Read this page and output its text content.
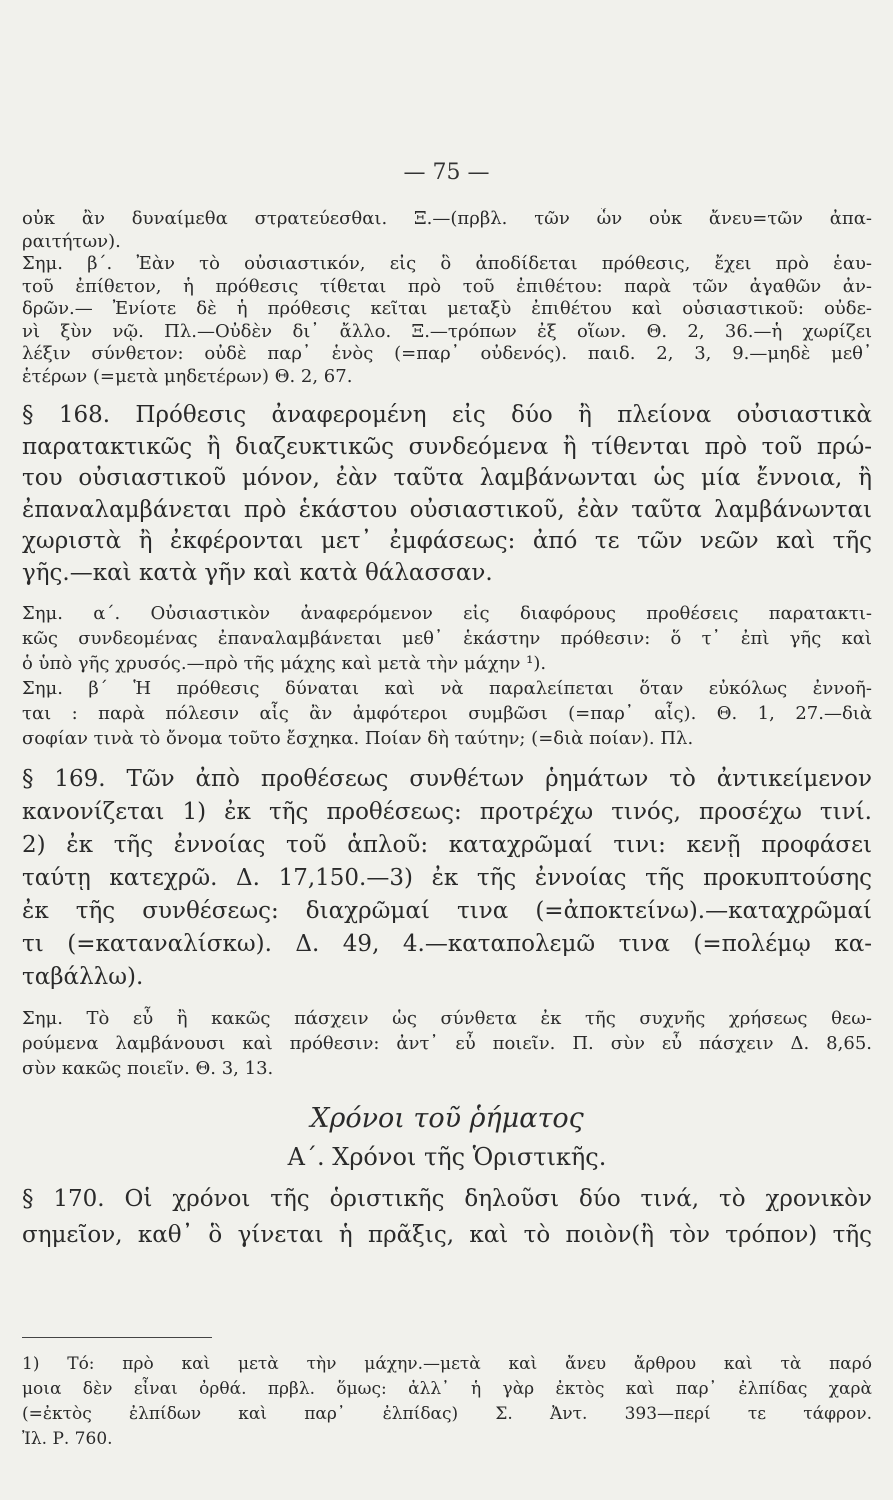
— 75 —

οὐκ ἂν δυναίμεθα στρατεύεσθαι. Ξ.—(πρβλ. τῶν ὧν οὐκ ἄνευ=τῶν ἀπα-

ραιτήτων).

Σημ. β΄. Ἐὰν τὸ οὐσιαστικόν, εἰς ὃ ἀποδίδεται πρόθεσις, ἔχει πρὸ ἑαυ-

τοῦ ἐπίθετον, ἡ πρόθεσις τίθεται πρὸ τοῦ ἐπιθέτου: παρὰ τῶν ἀγαθῶν ἀν-

δρῶν.— Ἐνίοτε δὲ ἡ πρόθεσις κεῖται μεταξὺ ἐπιθέτου καὶ οὐσιαστικοῦ: οὐδε-

νὶ ξὺν νῷ. Πλ.—Οὐδὲν δι᾽ ἄλλο. Ξ.—τρόπων ἐξ οἵων. Θ. 2, 36.—ἡ χωρίζει

λέξιν σύνθετον: οὐδὲ παρ᾽ ἑνὸς (=παρ᾽ οὐδενός). παιδ. 2, 3, 9.—μηδὲ μεθ᾽

ἑτέρων (=μετὰ μηδετέρων) Θ. 2, 67.

§ 168. Πρόθεσις ἀναφερομένη εἰς δύο ἢ πλείονα οὐσιαστικὰ

παρατακτικῶς ἢ διαζευκτικῶς συνδεόμενα ἢ τίθενται πρὸ τοῦ πρώ-

του οὐσιαστικοῦ μόνον, ἐὰν ταῦτα λαμβάνωνται ὡς μία ἔννοια, ἢ

ἐπαναλαμβάνεται πρὸ ἑκάστου οὐσιαστικοῦ, ἐὰν ταῦτα λαμβάνωνται

χωριστὰ ἢ ἐκφέρονται μετ᾽ ἐμφάσεως: ἀπό τε τῶν νεῶν καὶ τῆς

γῆς.—καὶ κατὰ γῆν καὶ κατὰ θάλασσαν.

Σημ. α΄. Οὐσιαστικὸν ἀναφερόμενον εἰς διαφόρους προθέσεις παρατακτι-

κῶς συνδεομένας ἐπαναλαμβάνεται μεθ᾽ ἑκάστην πρόθεσιν: ὅ τ᾽ ἐπὶ γῆς καὶ

ὁ ὑπὸ γῆς χρυσός.—πρὸ τῆς μάχης καὶ μετὰ τὴν μάχην ¹).

Σημ. β΄ Ἡ πρόθεσις δύναται καὶ νὰ παραλείπεται ὅταν εὐκόλως ἐννοῆ-

ται : παρὰ πόλεσιν αἷς ἂν ἀμφότεροι συμβῶσι (=παρ᾽ αἷς). Θ. 1, 27.—διὰ

σοφίαν τινὰ τὸ ὄνομα τοῦτο ἔσχηκα. Ποίαν δὴ ταύτην; (=διὰ ποίαν). Πλ.

§ 169. Τῶν ἀπὸ προθέσεως συνθέτων ῥημάτων τὸ ἀντικείμενον

κανονίζεται 1) ἐκ τῆς προθέσεως: προτρέχω τινός, προσέχω τινί.

2) ἐκ τῆς ἐννοίας τοῦ ἁπλοῦ: καταχρῶμαί τινι: κενῇ προφάσει

ταύτῃ κατεχρῶ. Δ. 17,150.—3) ἐκ τῆς ἐννοίας τῆς προκυπτούσης

ἐκ τῆς συνθέσεως: διαχρῶμαί τινα (=ἀποκτείνω).—καταχρῶμαί

τι (=καταναλίσκω). Δ. 49, 4.—καταπολεμῶ τινα (=πολέμῳ κα-

ταβάλλω).

Σημ. Τὸ εὖ ἢ κακῶς πάσχειν ὡς σύνθετα ἐκ τῆς συχνῆς χρήσεως θεω-

ρούμενα λαμβάνουσι καὶ πρόθεσιν: ἀντ᾽ εὖ ποιεῖν. Π. σὺν εὖ πάσχειν Δ. 8,65.

σὺν κακῶς ποιεῖν. Θ. 3, 13.

Χρόνοι τοῦ ῥήματος

Α΄. Χρόνοι τῆς Ὁριστικῆς.

§ 170. Οἱ χρόνοι τῆς ὁριστικῆς δηλοῦσι δύο τινά, τὸ χρονικὸν

σημεῖον, καθ᾽ ὃ γίνεται ἡ πρᾶξις, καὶ τὸ ποιὸν(ἢ τὸν τρόπον) τῆς

1) Τό: πρὸ καὶ μετὰ τὴν μάχην.—μετὰ καὶ ἄνευ ἄρθρου καὶ τὰ παρό

μοια δὲν εἶναι ὀρθά. πρβλ. ὅμως: ἀλλ᾽ ἡ γὰρ ἐκτὸς καὶ παρ᾽ ἐλπίδας χαρὰ

(=ἐκτὸς ἐλπίδων καὶ παρ᾽ ἐλπίδας) Σ. Ἀντ. 393—περί τε τάφρον.

Ἰλ. Ρ. 760.
